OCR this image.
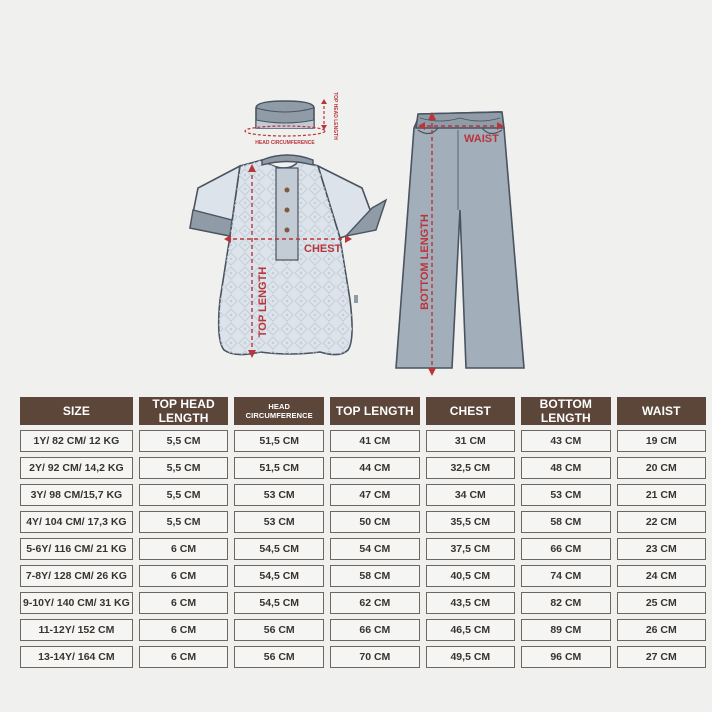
HEAD CIRCUMFERENCE
TOP HEAD LENGTH
CHEST
TOP LENGTH
WAIST
BOTTOM LENGTH
SIZE	TOP HEAD LENGTH	HEAD CIRCUMFERENCE	TOP LENGTH	CHEST	BOTTOM LENGTH	WAIST
1Y/ 82 CM/ 12 KG	5,5 CM	51,5 CM	41 CM	31 CM	43 CM	19 CM
2Y/ 92 CM/ 14,2 KG	5,5 CM	51,5 CM	44 CM	32,5 CM	48 CM	20 CM
3Y/ 98 CM/15,7 KG	5,5 CM	53 CM	47 CM	34 CM	53 CM	21 CM
4Y/ 104 CM/ 17,3 KG	5,5 CM	53 CM	50 CM	35,5 CM	58 CM	22 CM
5-6Y/ 116 CM/ 21 KG	6 CM	54,5 CM	54 CM	37,5 CM	66 CM	23 CM
7-8Y/ 128 CM/ 26 KG	6 CM	54,5 CM	58 CM	40,5 CM	74 CM	24 CM
9-10Y/ 140 CM/ 31 KG	6 CM	54,5 CM	62 CM	43,5 CM	82 CM	25 CM
11-12Y/ 152 CM	6 CM	56 CM	66 CM	46,5 CM	89 CM	26 CM
13-14Y/ 164 CM	6 CM	56 CM	70 CM	49,5 CM	96 CM	27 CM
